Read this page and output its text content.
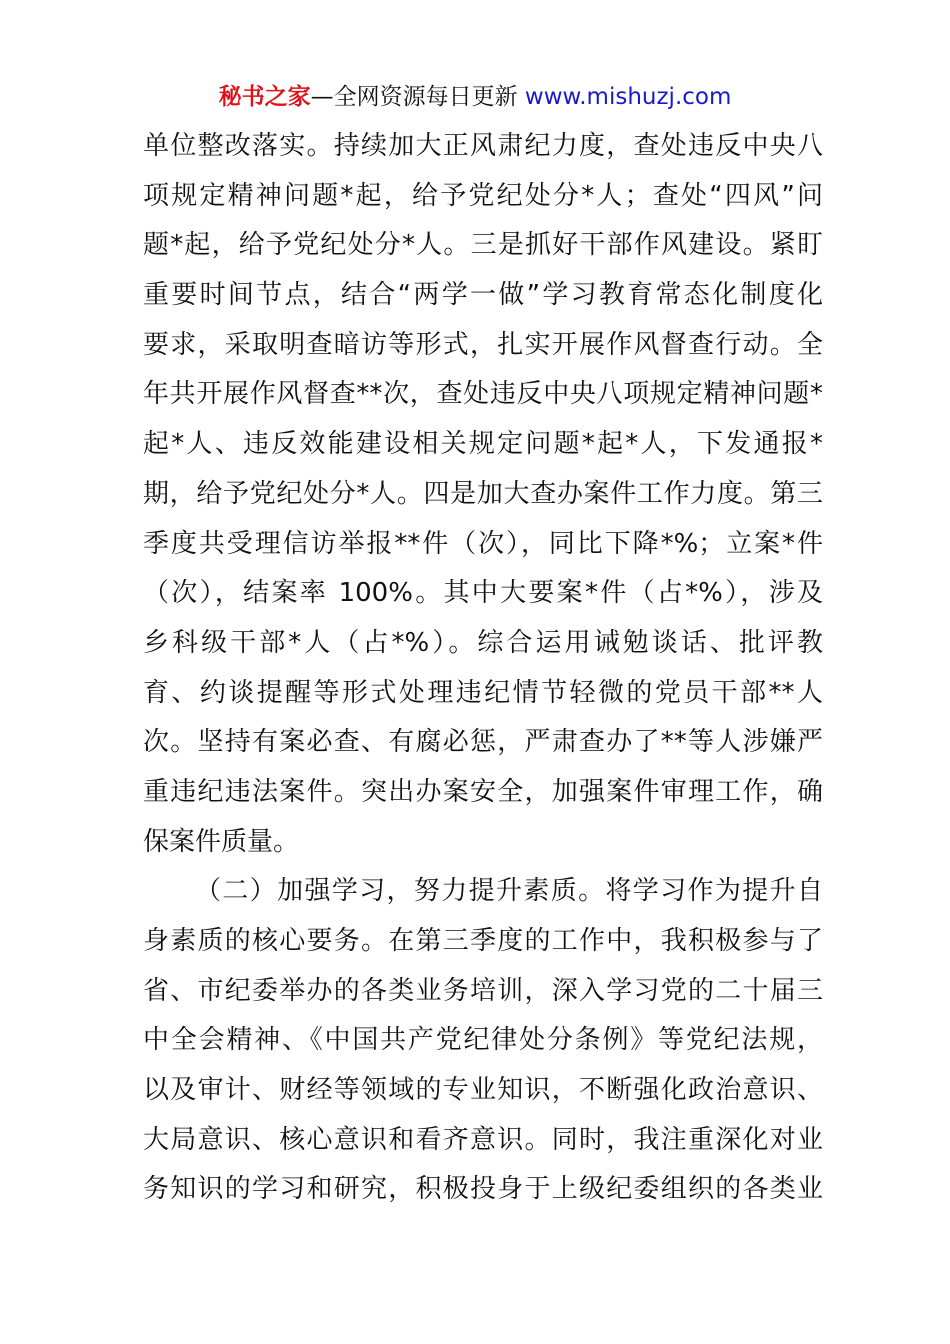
秘书之家—全网资源每日更新 www.mishuzj.com
单位整改落实。持续加大正风肃纪力度，查处违反中央八
项规定精神问题*起，给予党纪处分*人；查处“四风”问
题*起，给予党纪处分*人。三是抓好干部作风建设。紧盯
重要时间节点，结合“两学一做”学习教育常态化制度化
要求，采取明查暗访等形式，扎实开展作风督查行动。全
年共开展作风督查**次，查处违反中央八项规定精神问题*
起*人、违反效能建设相关规定问题*起*人，下发通报*
期，给予党纪处分*人。四是加大查办案件工作力度。第三
季度共受理信访举报**件（次），同比下降*%；立案*件
（次），结案率 100%。其中大要案*件（占*%），涉及
乡科级干部*人（占*%）。综合运用诫勉谈话、批评教
育、约谈提醒等形式处理违纪情节轻微的党员干部**人
次。坚持有案必查、有腐必惩，严肃查办了**等人涉嫌严
重违纪违法案件。突出办案安全，加强案件审理工作，确
保案件质量。
（二）加强学习，努力提升素质。将学习作为提升自
身素质的核心要务。在第三季度的工作中，我积极参与了
省、市纪委举办的各类业务培训，深入学习党的二十届三
中全会精神、《中国共产党纪律处分条例》等党纪法规，
以及审计、财经等领域的专业知识，不断强化政治意识、
大局意识、核心意识和看齐意识。同时，我注重深化对业
务知识的学习和研究，积极投身于上级纪委组织的各类业
